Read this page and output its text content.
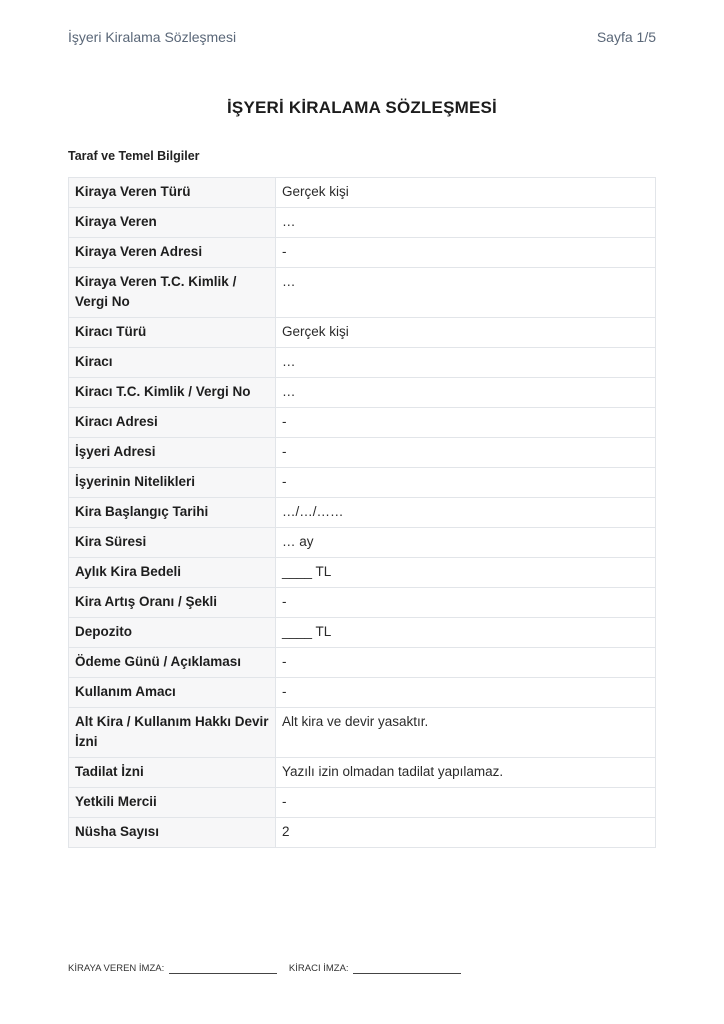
İşyeri Kiralama Sözleşmesi	Sayfa 1/5
İŞYERİ KİRALAMA SÖZLEŞMESİ
Taraf ve Temel Bilgiler
Kiraya Veren Türü	Gerçek kişi
Kiraya Veren	…
Kiraya Veren Adresi	-
Kiraya Veren T.C. Kimlik / Vergi No	…
Kiracı Türü	Gerçek kişi
Kiracı	…
Kiracı T.C. Kimlik / Vergi No	…
Kiracı Adresi	-
İşyeri Adresi	-
İşyerinin Nitelikleri	-
Kira Başlangıç Tarihi	…/…/……
Kira Süresi	… ay
Aylık Kira Bedeli	____ TL
Kira Artış Oranı / Şekli	-
Depozito	____ TL
Ödeme Günü / Açıklaması	-
Kullanım Amacı	-
Alt Kira / Kullanım Hakkı Devir İzni	Alt kira ve devir yasaktır.
Tadilat İzni	Yazılı izin olmadan tadilat yapılamaz.
Yetkili Mercii	-
Nüsha Sayısı	2
KİRAYA VEREN İMZA:	KİRACI İMZA:
